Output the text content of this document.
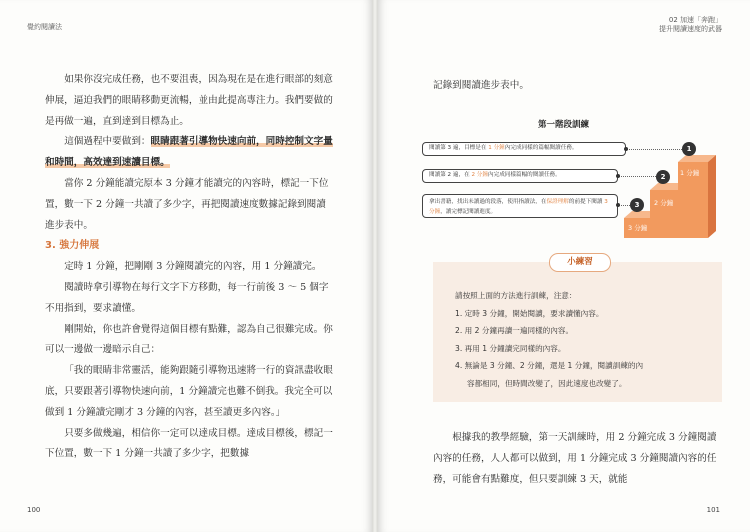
覺約閱讀法

如果你沒完成任務，也不要沮喪，因為現在是在進行眼部的刻意伸展，逼迫我們的眼睛移動更流暢，並由此提高專注力。我們要做的是再做一遍，直到達到目標為止。

這個過程中要做到：眼睛跟著引導物快速向前，同時控制文字量和時間，高效達到速讀目標。

當你 2 分鐘能讀完原本 3 分鐘才能讀完的內容時，標記一下位置，數一下 2 分鐘一共讀了多少字，再把閱讀速度數據記錄到閱讀進步表中。

3. 強力伸展

定時 1 分鐘，把剛剛 3 分鐘閱讀完的內容，用 1 分鐘讀完。

閱讀時拿引導物在每行文字下方移動，每一行前後 3 ～ 5 個字不用指到，要求讀懂。

剛開始，你也許會覺得這個目標有點難，認為自己很難完成。你可以一邊做一邊暗示自己：

「我的眼睛非常靈活，能夠跟隨引導物迅速將一行的資訊盡收眼底，只要跟著引導物快速向前，1 分鐘讀完也難不倒我。我完全可以做到 1 分鐘讀完剛才 3 分鐘的內容，甚至讀更多內容。」

只要多做幾遍，相信你一定可以達成目標。達成目標後，標記一下位置，數一下 1 分鐘一共讀了多少字，把數據

100
02 加速「奔跑」
提升閱讀速度的武器

記錄到閱讀進步表中。

第一階段訓練
閱讀第 3 遍，目標是在 1 分鐘內完成同樣的篇幅閱讀任務。
閱讀第 2 遍，在 2 分鐘內完成同樣篇幅的閱讀任務。
拿出書籍，找出未讀過的段落，使用指讀法，在保證理解的前提下閱讀 3 分鐘，讀完標記閱讀進度。
1
2
3
1 分鐘
2 分鐘
3 分鐘
小練習
請按照上面的方法進行訓練，注意：
1. 定時 3 分鐘，開始閱讀，要求讀懂內容。
2. 用 2 分鐘再讀一遍同樣的內容。
3. 再用 1 分鐘讀完同樣的內容。
4. 無論是 3 分鐘、2 分鐘，還是 1 分鐘，閱讀訓練的內
容都相同，但時間改變了，因此速度也改變了。

根據我的教學經驗，第一天訓練時，用 2 分鐘完成 3 分鐘閱讀內容的任務，人人都可以做到，用 1 分鐘完成 3 分鐘閱讀內容的任務，可能會有點難度，但只要訓練 3 天，就能

101
